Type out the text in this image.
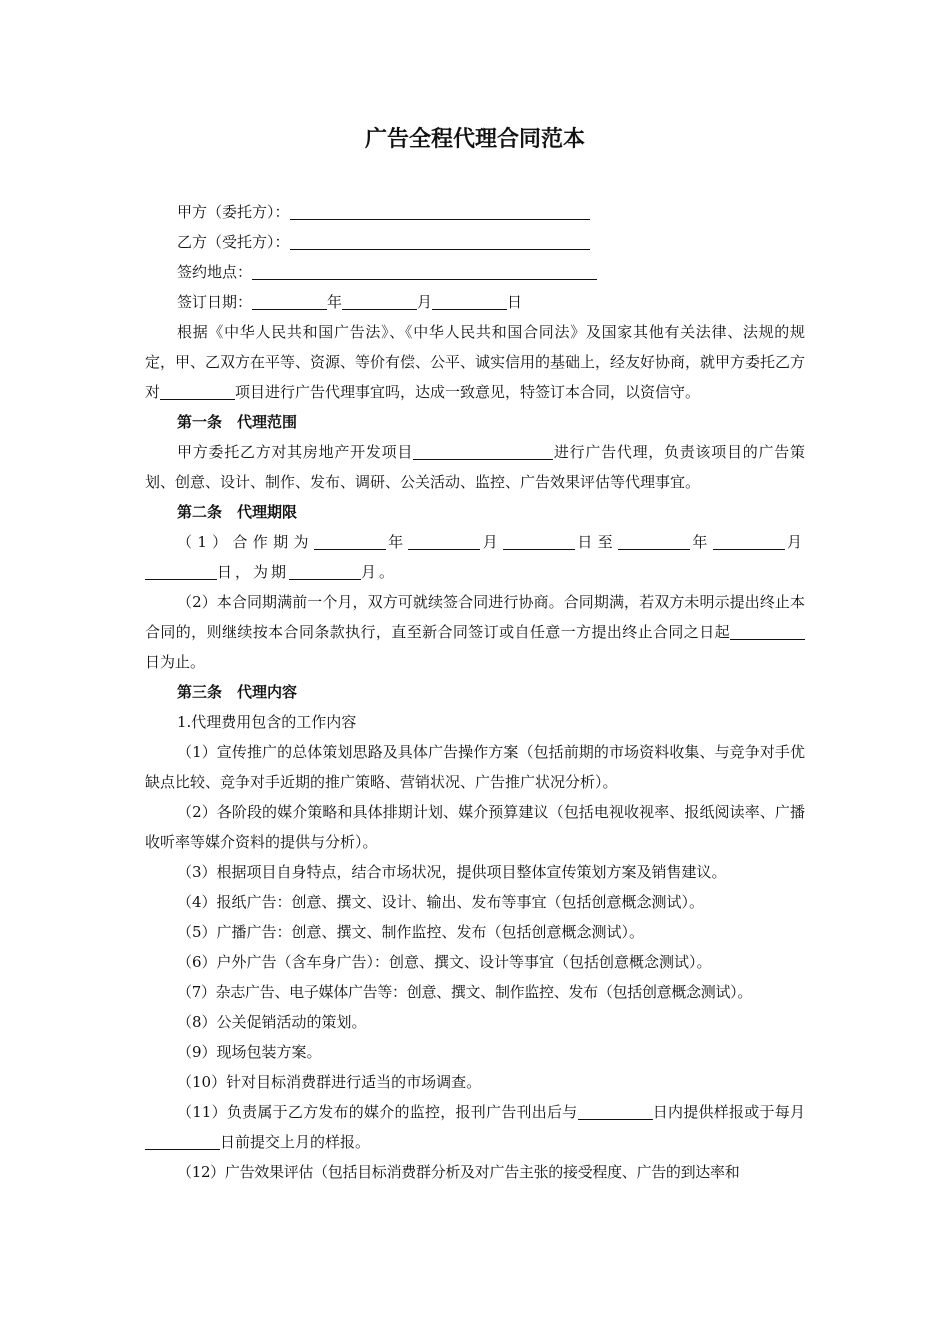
广告全程代理合同范本
甲方（委托方）：
乙方（受托方）：
签约地点：
签订日期：	年	月	日
根据《中华人民共和国广告法》、《中华人民共和国合同法》及国家其他有关法律、法规的规定，甲、乙双方在平等、资源、等价有偿、公平、诚实信用的基础上，经友好协商，就甲方委托乙方对	项目进行广告代理事宜吗，达成一致意见，特签订本合同，以资信守。
第一条　代理范围
甲方委托乙方对其房地产开发项目	进行广告代理，负责该项目的广告策划、创意、设计、制作、发布、调研、公关活动、监控、广告效果评估等代理事宜。
第二条　代理期限
（1）合作期为	年	月	日至	年	月日，为期	月。
（2）本合同期满前一个月，双方可就续签合同进行协商。合同期满，若双方未明示提出终止本合同的，则继续按本合同条款执行，直至新合同签订或自任意一方提出终止合同之日起日为止。
第三条　代理内容
1.代理费用包含的工作内容
（1）宣传推广的总体策划思路及具体广告操作方案（包括前期的市场资料收集、与竞争对手优缺点比较、竞争对手近期的推广策略、营销状况、广告推广状况分析）。
（2）各阶段的媒介策略和具体排期计划、媒介预算建议（包括电视收视率、报纸阅读率、广播收听率等媒介资料的提供与分析）。
（3）根据项目自身特点，结合市场状况，提供项目整体宣传策划方案及销售建议。
（4）报纸广告：创意、撰文、设计、输出、发布等事宜（包括创意概念测试）。
（5）广播广告：创意、撰文、制作监控、发布（包括创意概念测试）。
（6）户外广告（含车身广告）：创意、撰文、设计等事宜（包括创意概念测试）。
（7）杂志广告、电子媒体广告等：创意、撰文、制作监控、发布（包括创意概念测试）。
（8）公关促销活动的策划。
（9）现场包装方案。
（10）针对目标消费群进行适当的市场调查。
（11）负责属于乙方发布的媒介的监控，报刊广告刊出后与	日内提供样报或于每月日前提交上月的样报。
（12）广告效果评估（包括目标消费群分析及对广告主张的接受程度、广告的到达率和
